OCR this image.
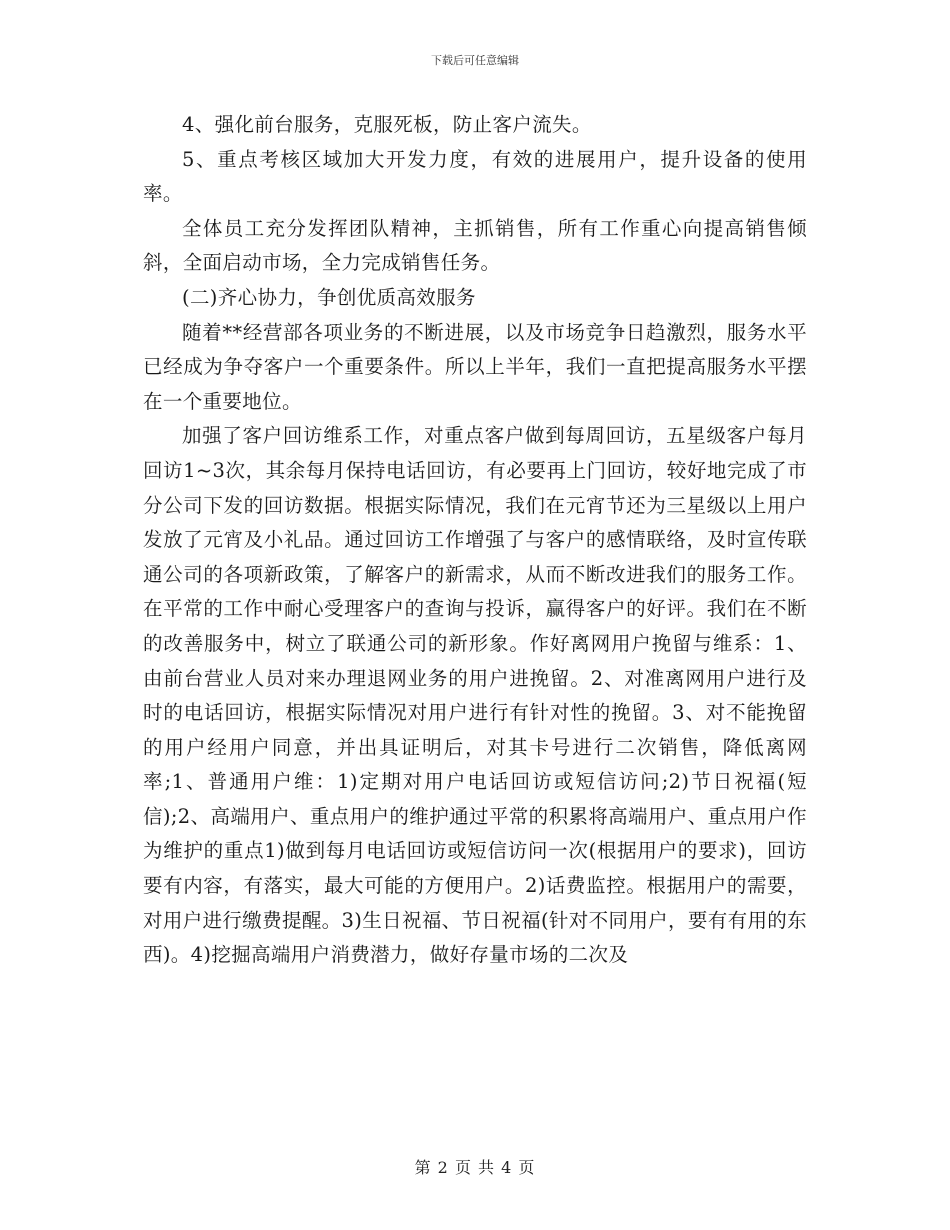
下载后可任意编辑

4、强化前台服务，克服死板，防止客户流失。

5、重点考核区域加大开发力度，有效的进展用户，提升设备的使用率。

全体员工充分发挥团队精神，主抓销售，所有工作重心向提高销售倾斜，全面启动市场，全力完成销售任务。

(二)齐心协力，争创优质高效服务

随着**经营部各项业务的不断进展，以及市场竞争日趋激烈，服务水平已经成为争夺客户一个重要条件。所以上半年，我们一直把提高服务水平摆在一个重要地位。

加强了客户回访维系工作，对重点客户做到每周回访，五星级客户每月回访1~3次，其余每月保持电话回访，有必要再上门回访，较好地完成了市分公司下发的回访数据。根据实际情况，我们在元宵节还为三星级以上用户发放了元宵及小礼品。通过回访工作增强了与客户的感情联络，及时宣传联通公司的各项新政策，了解客户的新需求，从而不断改进我们的服务工作。在平常的工作中耐心受理客户的查询与投诉，赢得客户的好评。我们在不断的改善服务中，树立了联通公司的新形象。作好离网用户挽留与维系：1、由前台营业人员对来办理退网业务的用户进挽留。2、对准离网用户进行及时的电话回访，根据实际情况对用户进行有针对性的挽留。3、对不能挽留的用户经用户同意，并出具证明后，对其卡号进行二次销售，降低离网率;1、普通用户维：1)定期对用户电话回访或短信访问;2)节日祝福(短信);2、高端用户、重点用户的维护通过平常的积累将高端用户、重点用户作为维护的重点1)做到每月电话回访或短信访问一次(根据用户的要求)，回访要有内容，有落实，最大可能的方便用户。2)话费监控。根据用户的需要，对用户进行缴费提醒。3)生日祝福、节日祝福(针对不同用户，要有有用的东西)。4)挖掘高端用户消费潜力，做好存量市场的二次及

第 2 页 共 4 页
